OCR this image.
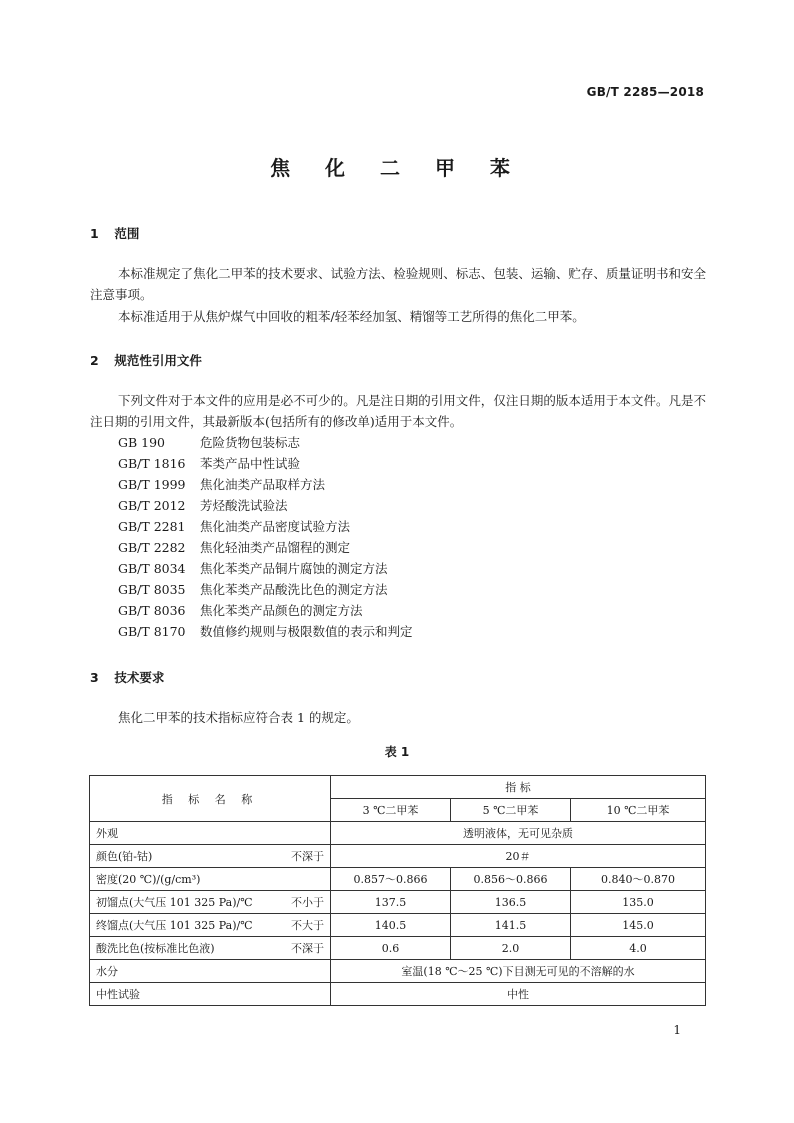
GB/T 2285—2018
焦 化 二 甲 苯
1 范围

本标准规定了焦化二甲苯的技术要求、试验方法、检验规则、标志、包装、运输、贮存、质量证明书和安全注意事项。

本标准适用于从焦炉煤气中回收的粗苯/轻苯经加氢、精馏等工艺所得的焦化二甲苯。

2 规范性引用文件

下列文件对于本文件的应用是必不可少的。凡是注日期的引用文件，仅注日期的版本适用于本文件。凡是不注日期的引用文件，其最新版本(包括所有的修改单)适用于本文件。

GB 190	危险货物包装标志
GB/T 1816 苯类产品中性试验
GB/T 1999 焦化油类产品取样方法
GB/T 2012 芳烃酸洗试验法
GB/T 2281 焦化油类产品密度试验方法
GB/T 2282 焦化轻油类产品馏程的测定
GB/T 8034 焦化苯类产品铜片腐蚀的测定方法
GB/T 8035 焦化苯类产品酸洗比色的测定方法
GB/T 8036 焦化苯类产品颜色的测定方法
GB/T 8170 数值修约规则与极限数值的表示和判定
3 技术要求

焦化二甲苯的技术指标应符合表 1 的规定。

表 1
指 标 名 称	指 标		
	3 ℃二甲苯	5 ℃二甲苯	10 ℃二甲苯

外观	透明液体，无可见杂质		

颜色(铂-钴) 不深于	20＃		

密度(20 ℃)/(g/cm³)	0.857～0.866	0.856～0.866	0.840～0.870

初馏点(大气压 101 325 Pa)/℃ 不小于	137.5	136.5	135.0

终馏点(大气压 101 325 Pa)/℃ 不大于	140.5	141.5	145.0

酸洗比色(按标准比色液) 不深于	0.6	2.0	4.0

水分	室温(18 ℃～25 ℃)下目测无可见的不溶解的水		

中性试验	中性		
1
